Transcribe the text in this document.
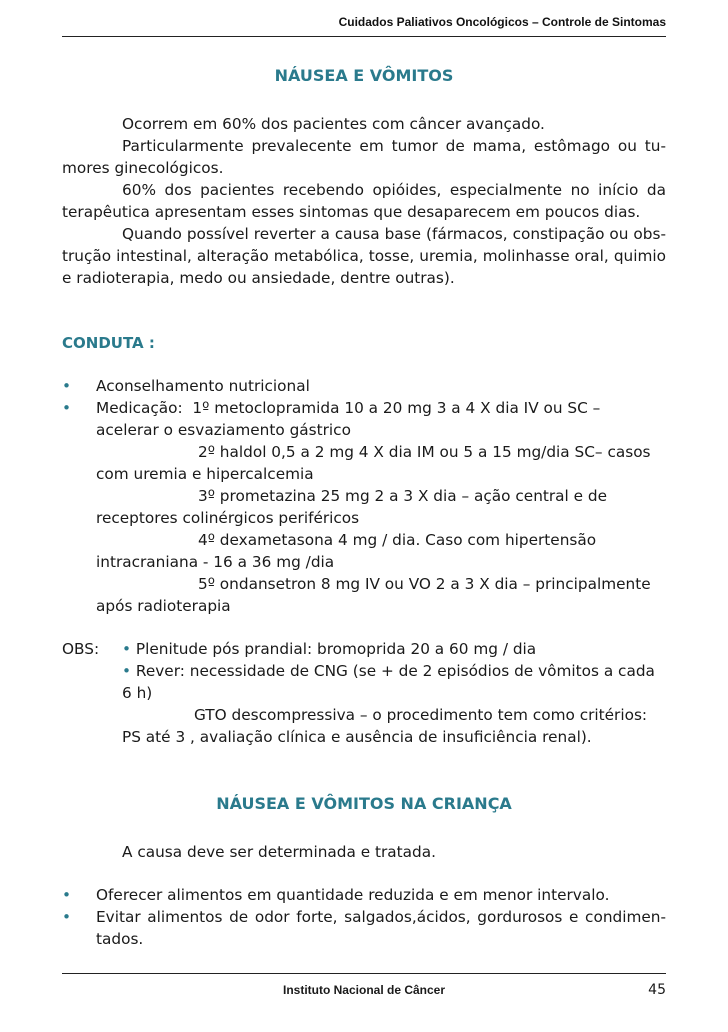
Cuidados Paliativos Oncológicos – Controle de Sintomas
NÁUSEA E VÔMITOS
Ocorrem em 60% dos pacientes com câncer avançado.
Particularmente prevalecente em tumor de mama, estômago ou tu-mores ginecológicos.
60% dos pacientes recebendo opióides, especialmente no início da terapêutica apresentam esses sintomas que desaparecem em poucos dias.
Quando possível reverter a causa base (fármacos, constipação ou obs-trução intestinal, alteração metabólica, tosse, uremia, molinhasse oral, quimio e radioterapia, medo ou ansiedade, dentre outras).
CONDUTA :
• Aconselhamento nutricional
• Medicação: 1º metoclopramida 10 a 20 mg 3 a 4 X dia IV ou SC – acelerar o esvaziamento gástrico
2º haldol 0,5 a 2 mg 4 X dia IM ou 5 a 15 mg/dia SC– casos com uremia e hipercalcemia
3º prometazina 25 mg 2 a 3 X dia – ação central e de receptores colinérgicos periféricos
4º dexametasona 4 mg / dia. Caso com hipertensão intracraniana - 16 a 36 mg /dia
5º ondansetron 8 mg IV ou VO 2 a 3 X dia – principalmente após radioterapia
OBS: • Plenitude pós prandial: bromoprida 20 a 60 mg / dia
• Rever: necessidade de CNG (se + de 2 episódios de vômitos a cada 6 h)
GTO descompressiva – o procedimento tem como critérios: PS até 3 , avaliação clínica e ausência de insuficiência renal).
NÁUSEA E VÔMITOS NA CRIANÇA
A causa deve ser determinada e tratada.
• Oferecer alimentos em quantidade reduzida e em menor intervalo.
• Evitar alimentos de odor forte, salgados,ácidos, gordurosos e condimen-tados.
Instituto Nacional de Câncer	45
